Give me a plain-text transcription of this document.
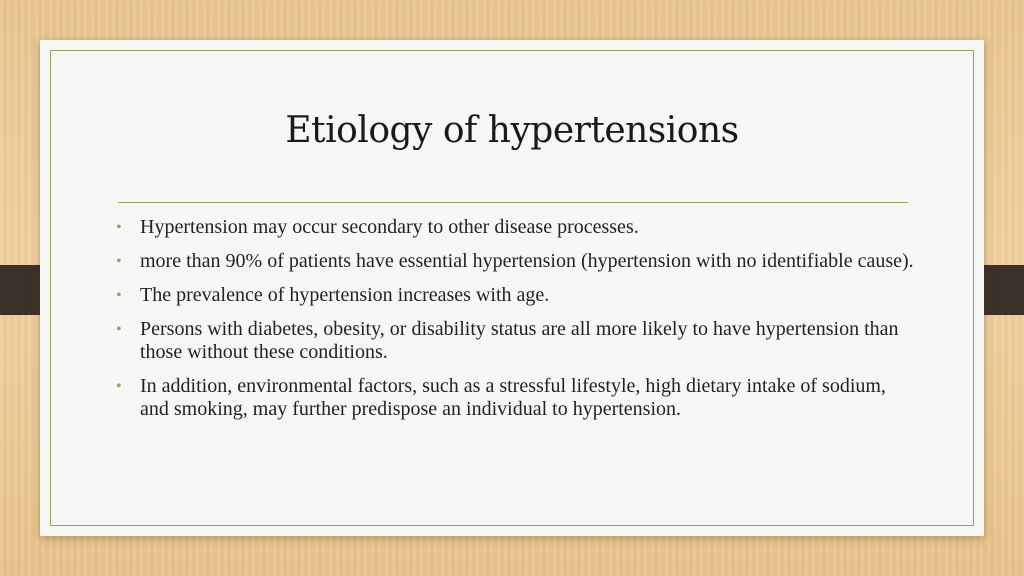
Etiology of hypertensions
• Hypertension may occur secondary to other disease processes.
• more than 90% of patients have essential hypertension (hypertension with no identifiable cause).
• The prevalence of hypertension increases with age.
• Persons with diabetes, obesity, or disability status are all more likely to have hypertension than those without these conditions.
• In addition, environmental factors, such as a stressful lifestyle, high dietary intake of sodium, and smoking, may further predispose an individual to hypertension.
